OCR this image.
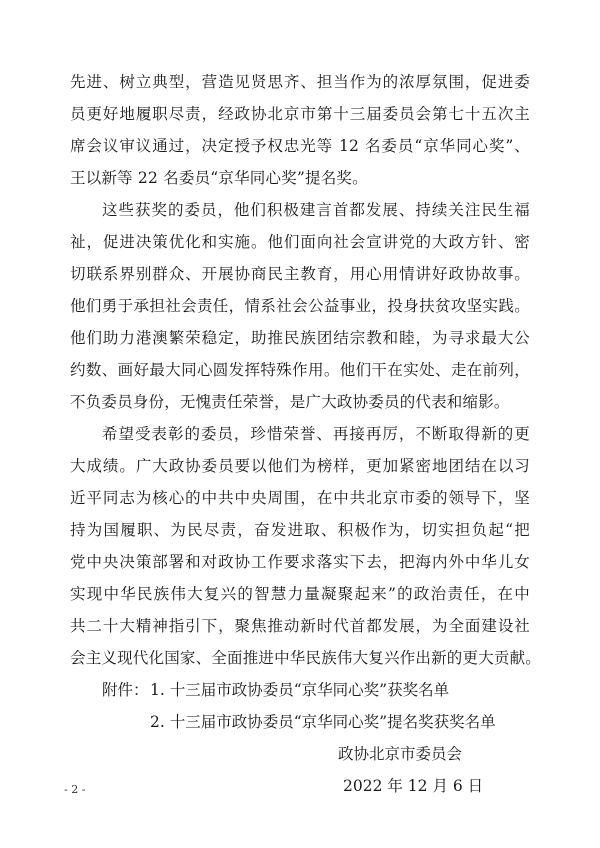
先进、树立典型，营造见贤思齐、担当作为的浓厚氛围，促进委
员更好地履职尽责，经政协北京市第十三届委员会第七十五次主
席会议审议通过，决定授予权忠光等 12 名委员“京华同心奖”、
王以新等 22 名委员“京华同心奖”提名奖。
这些获奖的委员，他们积极建言首都发展、持续关注民生福
祉，促进决策优化和实施。他们面向社会宣讲党的大政方针、密
切联系界别群众、开展协商民主教育，用心用情讲好政协故事。
他们勇于承担社会责任，情系社会公益事业，投身扶贫攻坚实践。
他们助力港澳繁荣稳定，助推民族团结宗教和睦，为寻求最大公
约数、画好最大同心圆发挥特殊作用。他们干在实处、走在前列，
不负委员身份，无愧责任荣誉，是广大政协委员的代表和缩影。
希望受表彰的委员，珍惜荣誉、再接再厉，不断取得新的更
大成绩。广大政协委员要以他们为榜样，更加紧密地团结在以习
近平同志为核心的中共中央周围，在中共北京市委的领导下，坚
持为国履职、为民尽责，奋发进取、积极作为，切实担负起“把
党中央决策部署和对政协工作要求落实下去，把海内外中华儿女
实现中华民族伟大复兴的智慧力量凝聚起来”的政治责任，在中
共二十大精神指引下，聚焦推动新时代首都发展，为全面建设社
会主义现代化国家、全面推进中华民族伟大复兴作出新的更大贡献。
附件： 1. 十三届市政协委员“京华同心奖”获奖名单
2. 十三届市政协委员“京华同心奖”提名奖获奖名单
政协北京市委员会
2022 年 12 月 6 日
- 2 -
